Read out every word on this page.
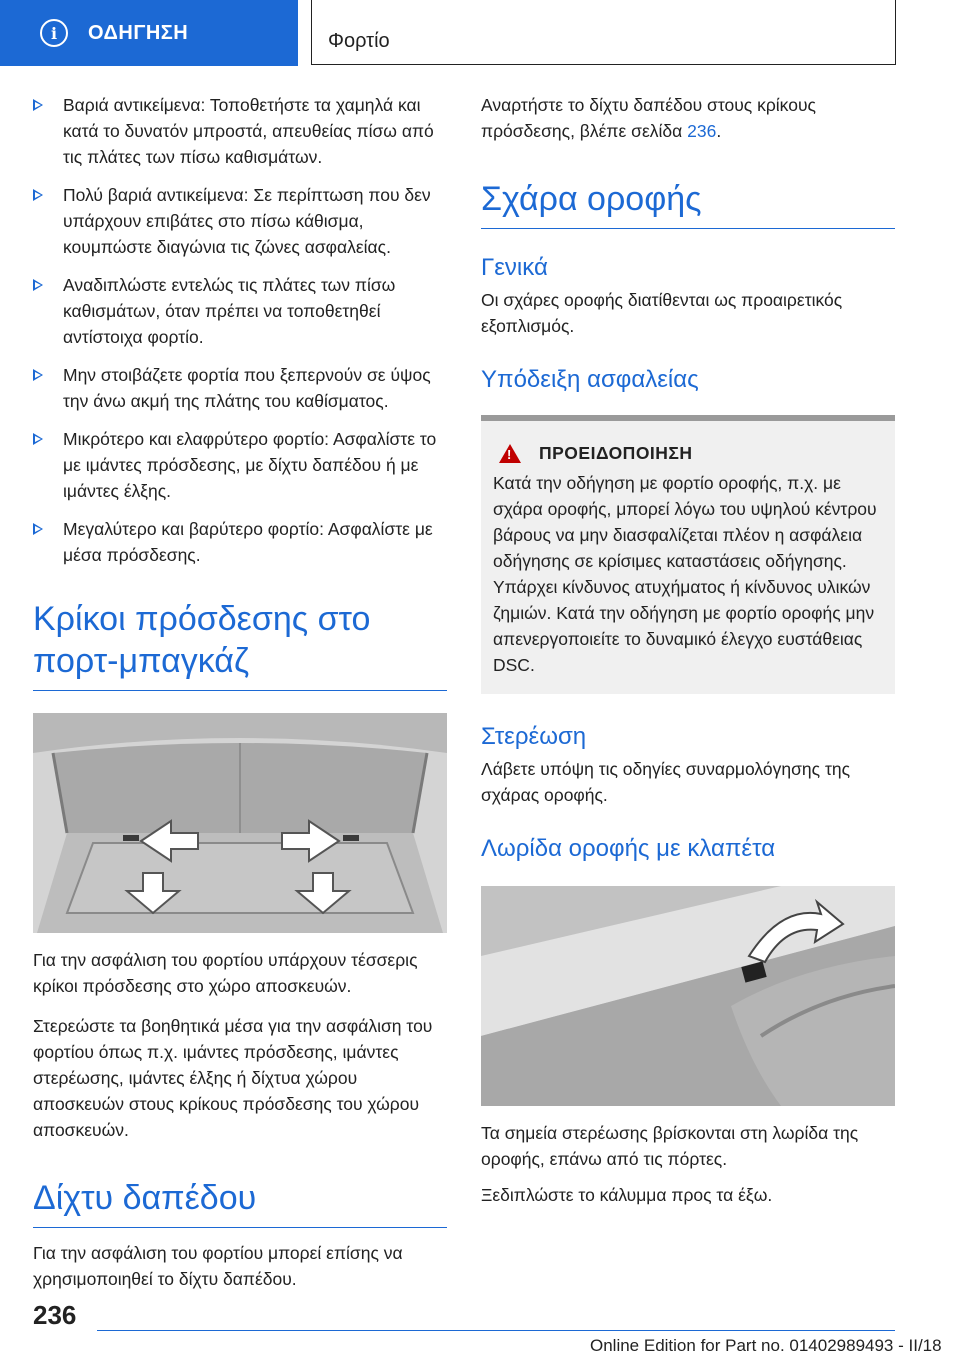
i	ΟΔΗΓΗΣΗ	Φορτίο
Βαριά αντικείμενα: Τοποθετήστε τα χαμηλά και κατά το δυνατόν μπροστά, απευθείας πίσω από τις πλάτες των πίσω καθισμάτων.
Πολύ βαριά αντικείμενα: Σε περίπτωση που δεν υπάρχουν επιβάτες στο πίσω κάθισμα, κουμπώστε διαγώνια τις ζώνες ασφαλείας.
Αναδιπλώστε εντελώς τις πλάτες των πίσω καθισμάτων, όταν πρέπει να τοποθετηθεί αντίστοιχα φορτίο.
Μην στοιβάζετε φορτία που ξεπερνούν σε ύψος την άνω ακμή της πλάτης του καθίσματος.
Μικρότερο και ελαφρύτερο φορτίο: Ασφαλίστε το με ιμάντες πρόσδεσης, με δίχτυ δαπέδου ή με ιμάντες έλξης.
Μεγαλύτερο και βαρύτερο φορτίο: Ασφαλίστε με μέσα πρόσδεσης.
Κρίκοι πρόσδεσης στο πορτ-μπαγκάζ

Για την ασφάλιση του φορτίου υπάρχουν τέσσερις κρίκοι πρόσδεσης στο χώρο αποσκευών.

Στερεώστε τα βοηθητικά μέσα για την ασφάλιση του φορτίου όπως π.χ. ιμάντες πρόσδεσης, ιμάντες στερέωσης, ιμάντες έλξης ή δίχτυα χώρου αποσκευών στους κρίκους πρόσδεσης του χώρου αποσκευών.

Δίχτυ δαπέδου

Για την ασφάλιση του φορτίου μπορεί επίσης να χρησιμοποιηθεί το δίχτυ δαπέδου.

Αναρτήστε το δίχτυ δαπέδου στους κρίκους πρόσδεσης, βλέπε σελίδα 236.

Σχάρα οροφής
Γενικά

Οι σχάρες οροφής διατίθενται ως προαιρετικός εξοπλισμός.

Υπόδειξη ασφαλείας
!
ΠΡΟΕΙΔΟΠΟΙΗΣΗ

Κατά την οδήγηση με φορτίο οροφής, π.χ. με σχάρα οροφής, μπορεί λόγω του υψηλού κέντρου βάρους να μην διασφαλίζεται πλέον η ασφάλεια οδήγησης σε κρίσιμες καταστάσεις οδήγησης. Υπάρχει κίνδυνος ατυχήματος ή κίνδυνος υλικών ζημιών. Κατά την οδήγηση με φορτίο οροφής μην απενεργοποιείτε το δυναμικό έλεγχο ευστάθειας DSC.

Στερέωση

Λάβετε υπόψη τις οδηγίες συναρμολόγησης της σχάρας οροφής.

Λωρίδα οροφής με κλαπέτα

Τα σημεία στερέωσης βρίσκονται στη λωρίδα της οροφής, επάνω από τις πόρτες.

Ξεδιπλώστε το κάλυμμα προς τα έξω.

236
Online Edition for Part no. 01402989493 - II/18
